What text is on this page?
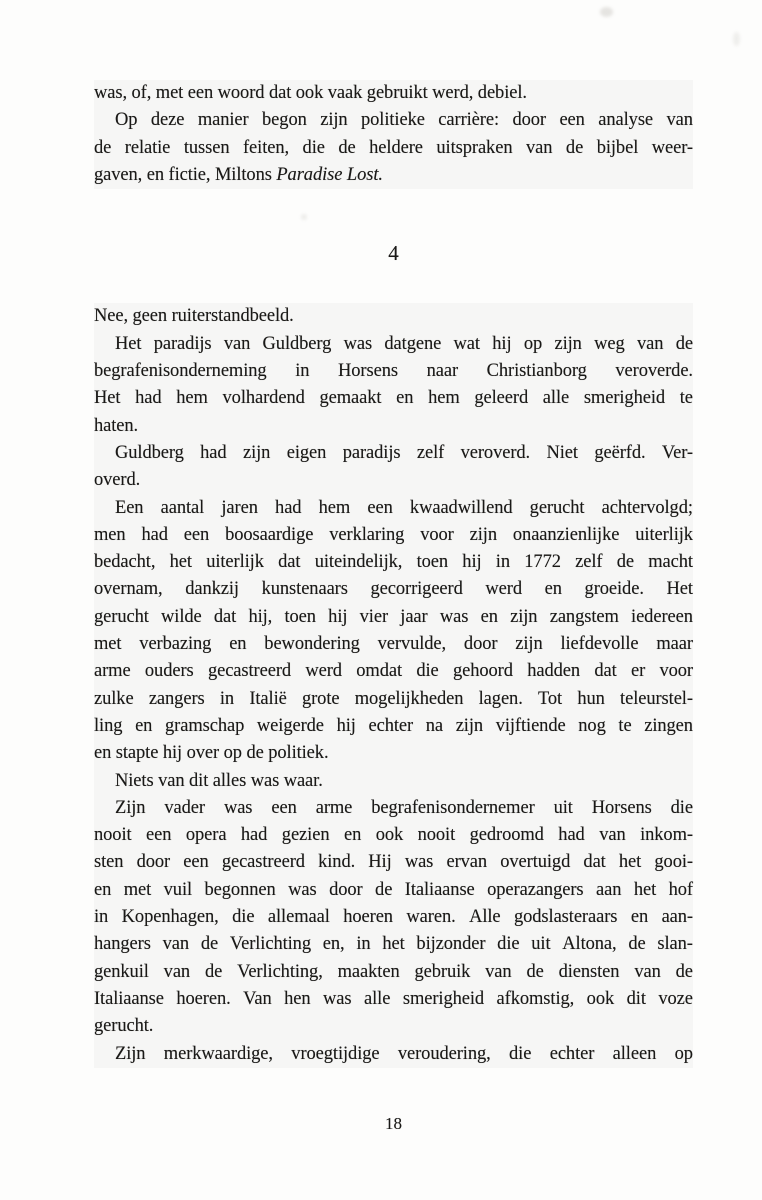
was, of, met een woord dat ook vaak gebruikt werd, debiel.
Op deze manier begon zijn politieke carrière: door een analyse van
de relatie tussen feiten, die de heldere uitspraken van de bijbel weer-
gaven, en fictie, Miltons Paradise Lost.
4
Nee, geen ruiterstandbeeld.
Het paradijs van Guldberg was datgene wat hij op zijn weg van de
begrafenisonderneming in Horsens naar Christianborg veroverde.
Het had hem volhardend gemaakt en hem geleerd alle smerigheid te
haten.
Guldberg had zijn eigen paradijs zelf veroverd. Niet geërfd. Ver-
overd.
Een aantal jaren had hem een kwaadwillend gerucht achtervolgd;
men had een boosaardige verklaring voor zijn onaanzienlijke uiterlijk
bedacht, het uiterlijk dat uiteindelijk, toen hij in 1772 zelf de macht
overnam, dankzij kunstenaars gecorrigeerd werd en groeide. Het
gerucht wilde dat hij, toen hij vier jaar was en zijn zangstem iedereen
met verbazing en bewondering vervulde, door zijn liefdevolle maar
arme ouders gecastreerd werd omdat die gehoord hadden dat er voor
zulke zangers in Italië grote mogelijkheden lagen. Tot hun teleurstel-
ling en gramschap weigerde hij echter na zijn vijftiende nog te zingen
en stapte hij over op de politiek.
Niets van dit alles was waar.
Zijn vader was een arme begrafenisondernemer uit Horsens die
nooit een opera had gezien en ook nooit gedroomd had van inkom-
sten door een gecastreerd kind. Hij was ervan overtuigd dat het gooi-
en met vuil begonnen was door de Italiaanse operazangers aan het hof
in Kopenhagen, die allemaal hoeren waren. Alle godslasteraars en aan-
hangers van de Verlichting en, in het bijzonder die uit Altona, de slan-
genkuil van de Verlichting, maakten gebruik van de diensten van de
Italiaanse hoeren. Van hen was alle smerigheid afkomstig, ook dit voze
gerucht.
Zijn merkwaardige, vroegtijdige veroudering, die echter alleen op
18
